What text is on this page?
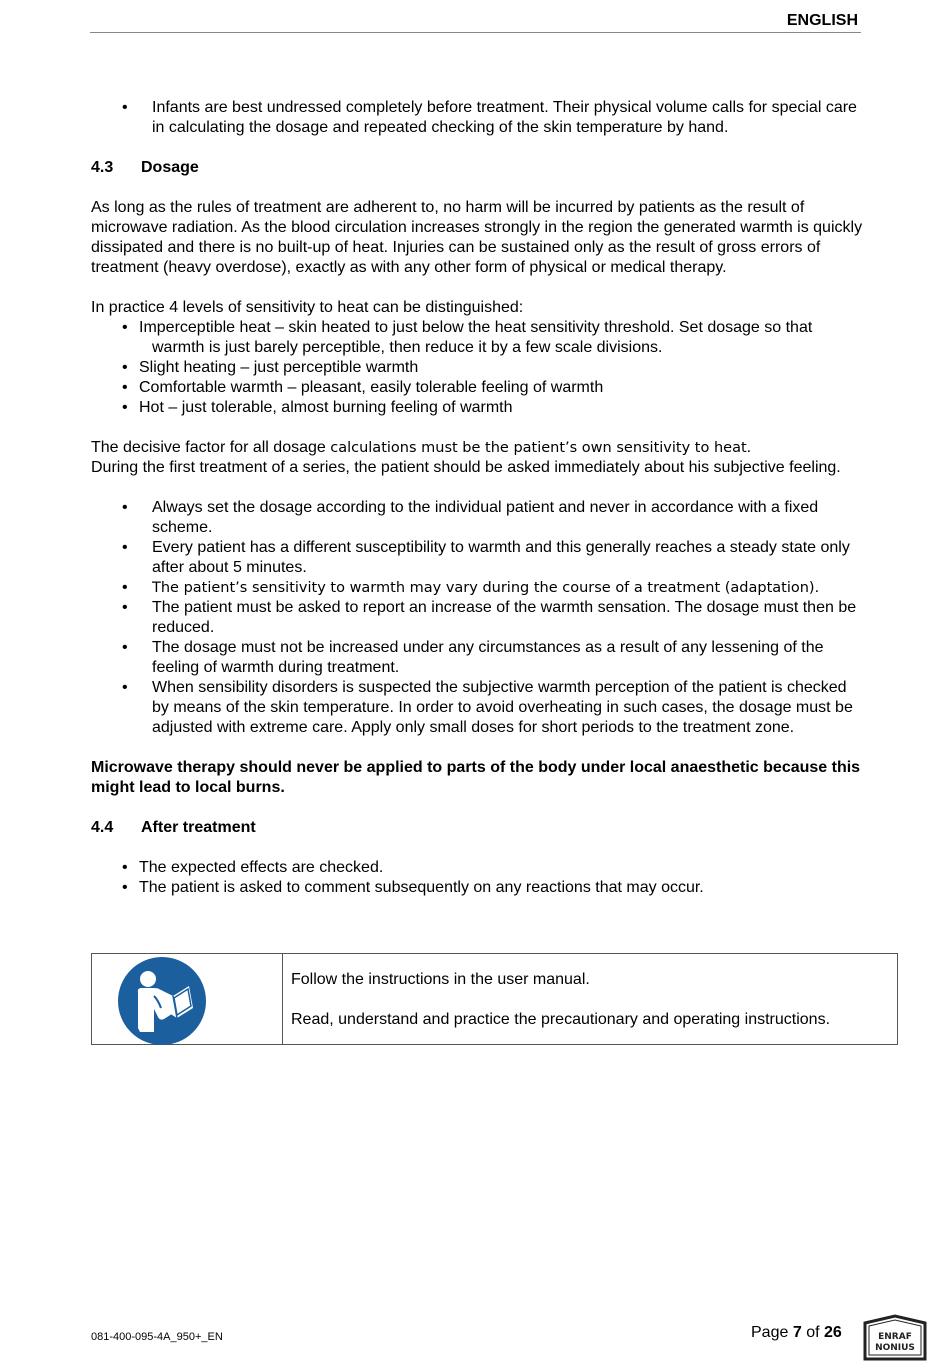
ENGLISH
• Infants are best undressed completely before treatment. Their physical volume calls for special care in calculating the dosage and repeated checking of the skin temperature by hand.
4.3 Dosage

As long as the rules of treatment are adherent to, no harm will be incurred by patients as the result of microwave radiation. As the blood circulation increases strongly in the region the generated warmth is quickly dissipated and there is no built-up of heat. Injuries can be sustained only as the result of gross errors of treatment (heavy overdose), exactly as with any other form of physical or medical therapy.

In practice 4 levels of sensitivity to heat can be distinguished:

• Imperceptible heat – skin heated to just below the heat sensitivity threshold. Set dosage so that
warmth is just barely perceptible, then reduce it by a few scale divisions.
• Slight heating – just perceptible warmth
• Comfortable warmth – pleasant, easily tolerable feeling of warmth
• Hot – just tolerable, almost burning feeling of warmth

The decisive factor for all dosage calculations must be the patient’s own sensitivity to heat.

During the first treatment of a series, the patient should be asked immediately about his subjective feeling.

• Always set the dosage according to the individual patient and never in accordance with a fixed scheme.
• Every patient has a different susceptibility to warmth and this generally reaches a steady state only after about 5 minutes.
• The patient’s sensitivity to warmth may vary during the course of a treatment (adaptation).
• The patient must be asked to report an increase of the warmth sensation. The dosage must then be reduced.
• The dosage must not be increased under any circumstances as a result of any lessening of the feeling of warmth during treatment.
• When sensibility disorders is suspected the subjective warmth perception of the patient is checked by means of the skin temperature. In order to avoid overheating in such cases, the dosage must be adjusted with extreme care. Apply only small doses for short periods to the treatment zone.

Microwave therapy should never be applied to parts of the body under local anaesthetic because this might lead to local burns.

4.4 After treatment
• The expected effects are checked.
• The patient is asked to comment subsequently on any reactions that may occur.

Follow the instructions in the user manual.

Read, understand and practice the precautionary and operating instructions.

081-400-095-4A_950+_EN	Page 7 of 26	ENRAF
NONIUS
